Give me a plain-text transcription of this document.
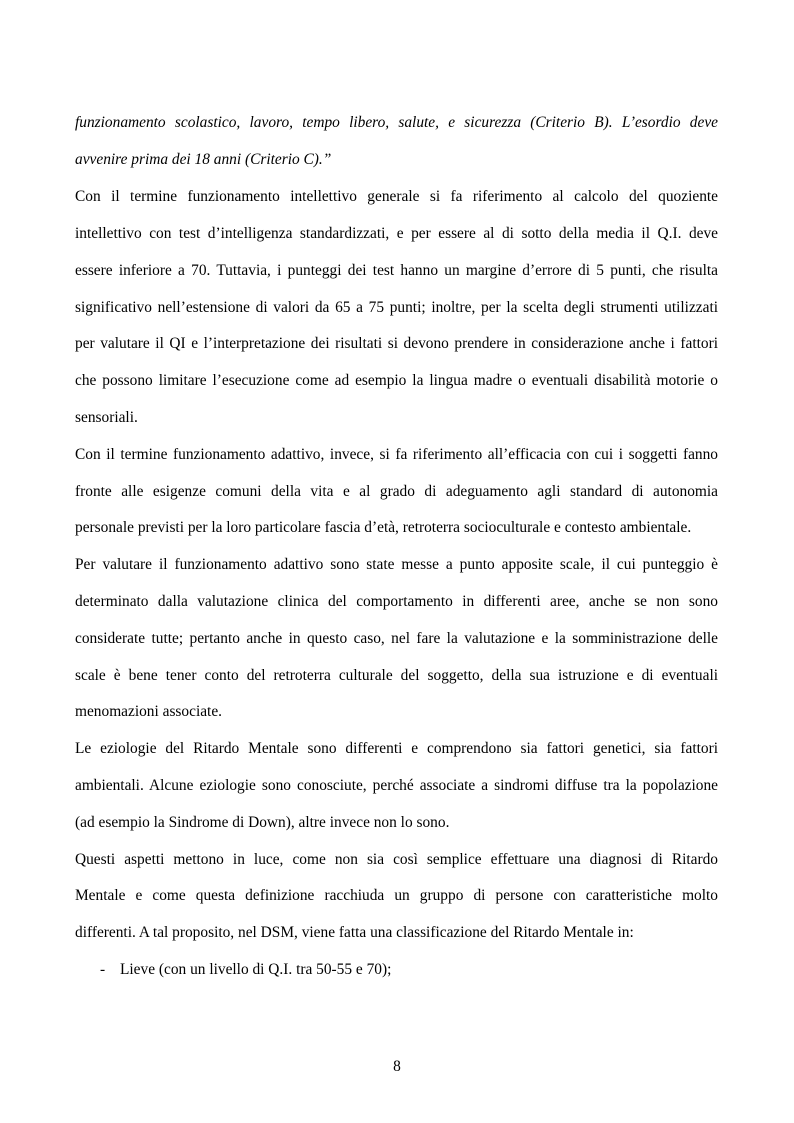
funzionamento scolastico, lavoro, tempo libero, salute, e sicurezza (Criterio B). L’esordio deve
avvenire prima dei 18 anni (Criterio C).”
Con il termine funzionamento intellettivo generale si fa riferimento al calcolo del quoziente
intellettivo con test d’intelligenza standardizzati, e per essere al di sotto della media il Q.I. deve
essere inferiore a 70. Tuttavia, i punteggi dei test hanno un margine d’errore di 5 punti, che risulta
significativo nell’estensione di valori da 65 a 75 punti; inoltre, per la scelta degli strumenti utilizzati
per valutare il QI e l’interpretazione dei risultati si devono prendere in considerazione anche i fattori
che possono limitare l’esecuzione come ad esempio la lingua madre o eventuali disabilità motorie o
sensoriali.
Con il termine funzionamento adattivo, invece, si fa riferimento all’efficacia con cui i soggetti fanno
fronte alle esigenze comuni della vita e al grado di adeguamento agli standard di autonomia
personale previsti per la loro particolare fascia d’età, retroterra socioculturale e contesto ambientale.
Per valutare il funzionamento adattivo sono state messe a punto apposite scale, il cui punteggio è
determinato dalla valutazione clinica del comportamento in differenti aree, anche se non sono
considerate tutte; pertanto anche in questo caso, nel fare la valutazione e la somministrazione delle
scale è bene tener conto del retroterra culturale del soggetto, della sua istruzione e di eventuali
menomazioni associate.
Le eziologie del Ritardo Mentale sono differenti e comprendono sia fattori genetici, sia fattori
ambientali. Alcune eziologie sono conosciute, perché associate a sindromi diffuse tra la popolazione
(ad esempio la Sindrome di Down), altre invece non lo sono.
Questi aspetti mettono in luce, come non sia così semplice effettuare una diagnosi di Ritardo
Mentale e come questa definizione racchiuda un gruppo di persone con caratteristiche molto
differenti. A tal proposito, nel DSM, viene fatta una classificazione del Ritardo Mentale in:
- Lieve (con un livello di Q.I. tra 50-55 e 70);
8
